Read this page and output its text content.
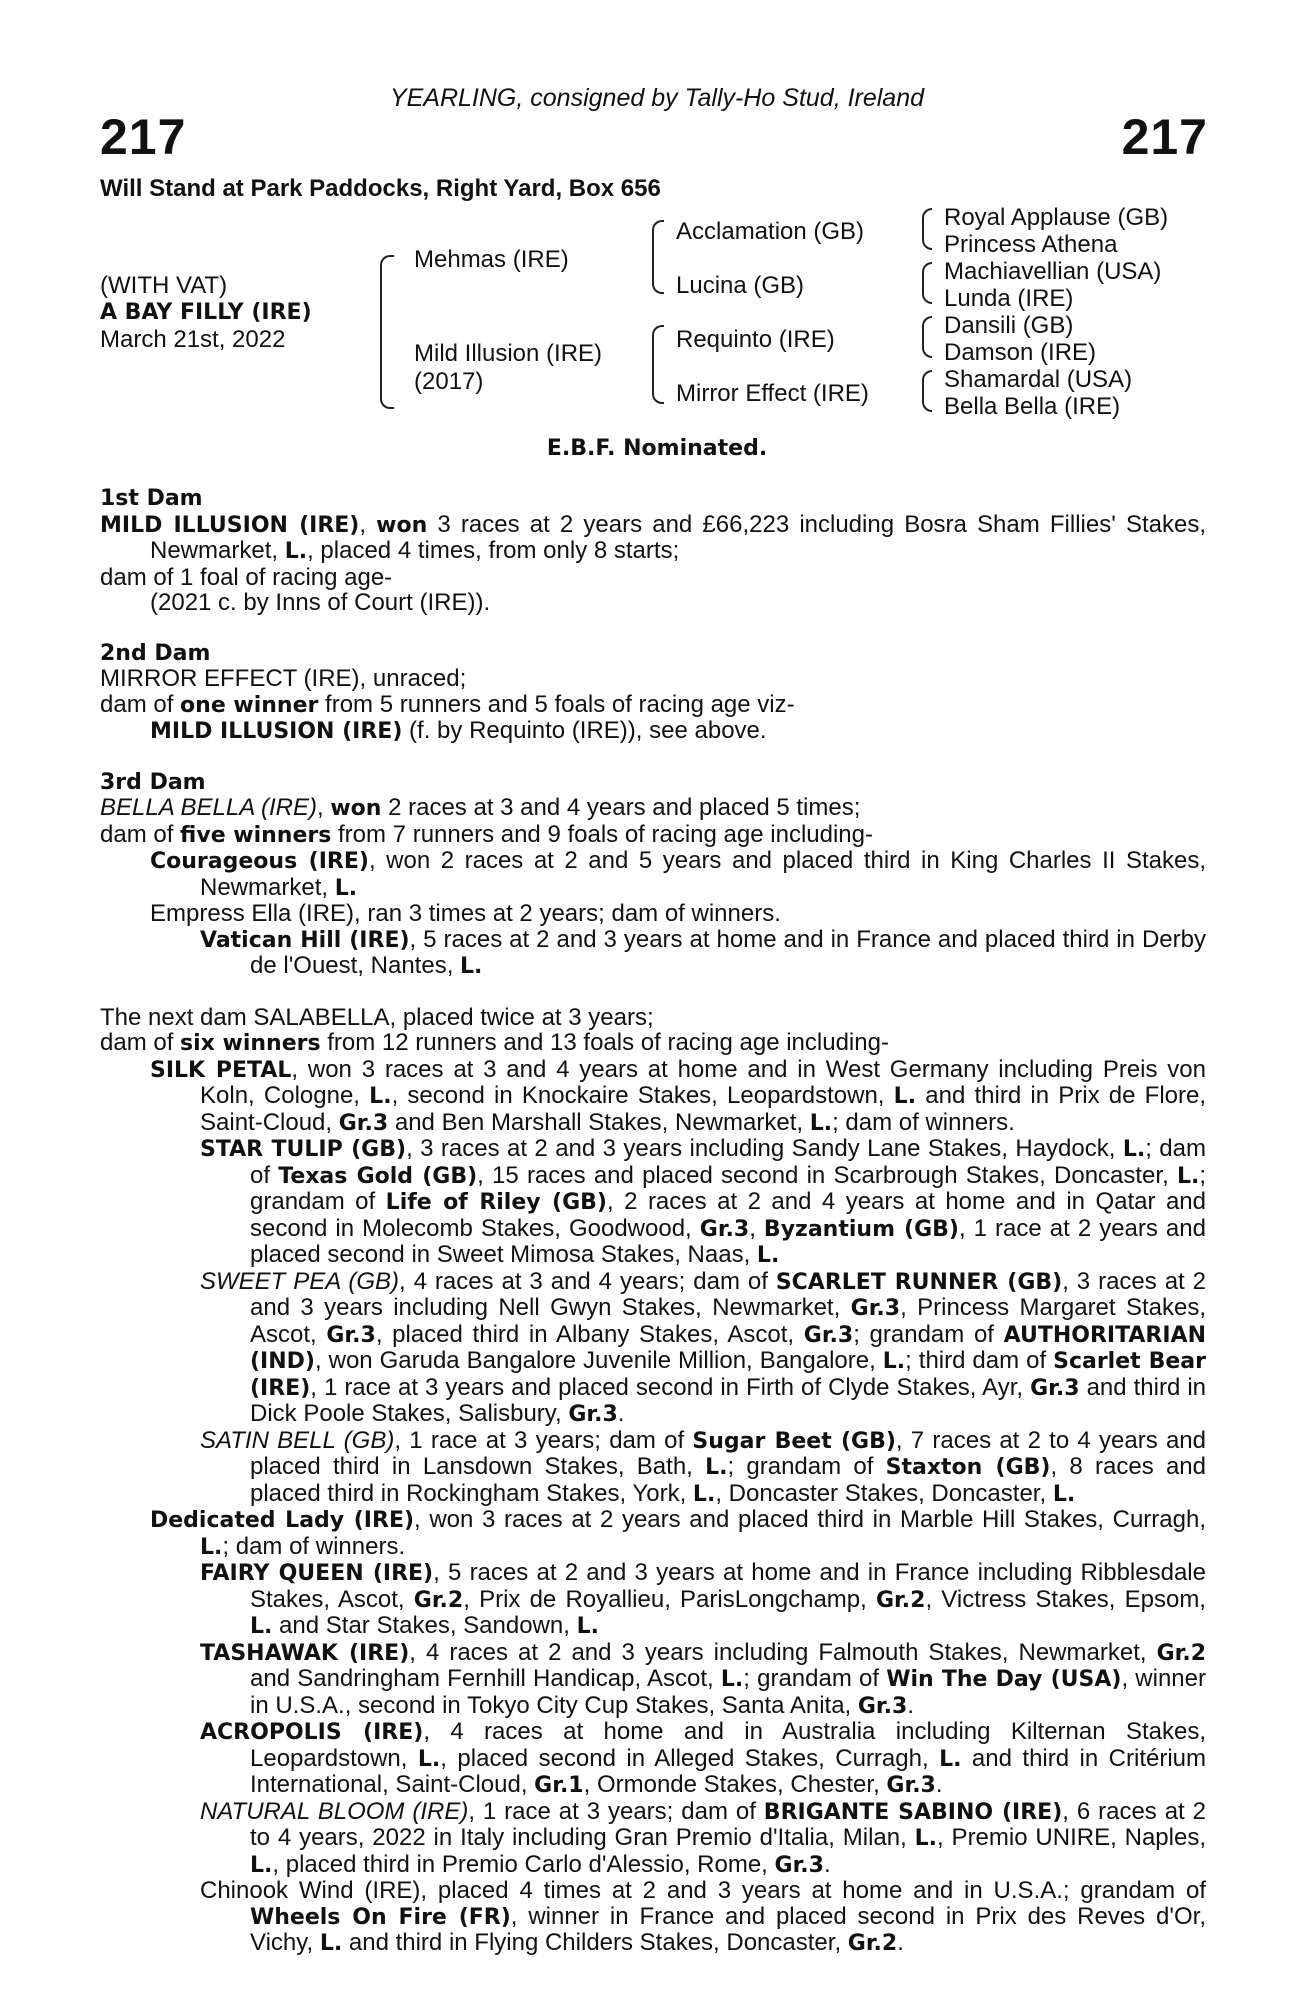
YEARLING, consigned by Tally-Ho Stud, Ireland
217	217
Will Stand at Park Paddocks, Right Yard, Box 656
(WITH VAT)
A BAY FILLY (IRE)
March 21st, 2022
Mehmas (IRE)
Mild Illusion (IRE)
(2017)
Acclamation (GB)
Lucina (GB)
Requinto (IRE)
Mirror Effect (IRE)
Royal Applause (GB)
Princess Athena
Machiavellian (USA)
Lunda (IRE)
Dansili (GB)
Damson (IRE)
Shamardal (USA)
Bella Bella (IRE)
E.B.F. Nominated.

1st Dam

MILD ILLUSION (IRE), won 3 races at 2 years and £66,223 including Bosra Sham Fillies' Stakes, Newmarket, L., placed 4 times, from only 8 starts;

dam of 1 foal of racing age-

(2021 c. by Inns of Court (IRE)).

2nd Dam

MIRROR EFFECT (IRE), unraced;

dam of one winner from 5 runners and 5 foals of racing age viz-

MILD ILLUSION (IRE) (f. by Requinto (IRE)), see above.

3rd Dam

BELLA BELLA (IRE), won 2 races at 3 and 4 years and placed 5 times;

dam of five winners from 7 runners and 9 foals of racing age including-

Courageous (IRE), won 2 races at 2 and 5 years and placed third in King Charles II Stakes, Newmarket, L.

Empress Ella (IRE), ran 3 times at 2 years; dam of winners.

Vatican Hill (IRE), 5 races at 2 and 3 years at home and in France and placed third in Derby de l'Ouest, Nantes, L.

The next dam SALABELLA, placed twice at 3 years;

dam of six winners from 12 runners and 13 foals of racing age including-

SILK PETAL, won 3 races at 3 and 4 years at home and in West Germany including Preis von Koln, Cologne, L., second in Knockaire Stakes, Leopardstown, L. and third in Prix de Flore, Saint-Cloud, Gr.3 and Ben Marshall Stakes, Newmarket, L.; dam of winners.

STAR TULIP (GB), 3 races at 2 and 3 years including Sandy Lane Stakes, Haydock, L.; dam of Texas Gold (GB), 15 races and placed second in Scarbrough Stakes, Doncaster, L.; grandam of Life of Riley (GB), 2 races at 2 and 4 years at home and in Qatar and second in Molecomb Stakes, Goodwood, Gr.3, Byzantium (GB), 1 race at 2 years and placed second in Sweet Mimosa Stakes, Naas, L.

SWEET PEA (GB), 4 races at 3 and 4 years; dam of SCARLET RUNNER (GB), 3 races at 2 and 3 years including Nell Gwyn Stakes, Newmarket, Gr.3, Princess Margaret Stakes, Ascot, Gr.3, placed third in Albany Stakes, Ascot, Gr.3; grandam of AUTHORITARIAN (IND), won Garuda Bangalore Juvenile Million, Bangalore, L.; third dam of Scarlet Bear (IRE), 1 race at 3 years and placed second in Firth of Clyde Stakes, Ayr, Gr.3 and third in Dick Poole Stakes, Salisbury, Gr.3.

SATIN BELL (GB), 1 race at 3 years; dam of Sugar Beet (GB), 7 races at 2 to 4 years and placed third in Lansdown Stakes, Bath, L.; grandam of Staxton (GB), 8 races and placed third in Rockingham Stakes, York, L., Doncaster Stakes, Doncaster, L.

Dedicated Lady (IRE), won 3 races at 2 years and placed third in Marble Hill Stakes, Curragh, L.; dam of winners.

FAIRY QUEEN (IRE), 5 races at 2 and 3 years at home and in France including Ribblesdale Stakes, Ascot, Gr.2, Prix de Royallieu, ParisLongchamp, Gr.2, Victress Stakes, Epsom, L. and Star Stakes, Sandown, L.

TASHAWAK (IRE), 4 races at 2 and 3 years including Falmouth Stakes, Newmarket, Gr.2 and Sandringham Fernhill Handicap, Ascot, L.; grandam of Win The Day (USA), winner in U.S.A., second in Tokyo City Cup Stakes, Santa Anita, Gr.3.

ACROPOLIS (IRE), 4 races at home and in Australia including Kilternan Stakes, Leopardstown, L., placed second in Alleged Stakes, Curragh, L. and third in Critérium International, Saint-Cloud, Gr.1, Ormonde Stakes, Chester, Gr.3.

NATURAL BLOOM (IRE), 1 race at 3 years; dam of BRIGANTE SABINO (IRE), 6 races at 2 to 4 years, 2022 in Italy including Gran Premio d'Italia, Milan, L., Premio UNIRE, Naples, L., placed third in Premio Carlo d'Alessio, Rome, Gr.3.

Chinook Wind (IRE), placed 4 times at 2 and 3 years at home and in U.S.A.; grandam of Wheels On Fire (FR), winner in France and placed second in Prix des Reves d'Or, Vichy, L. and third in Flying Childers Stakes, Doncaster, Gr.2.
